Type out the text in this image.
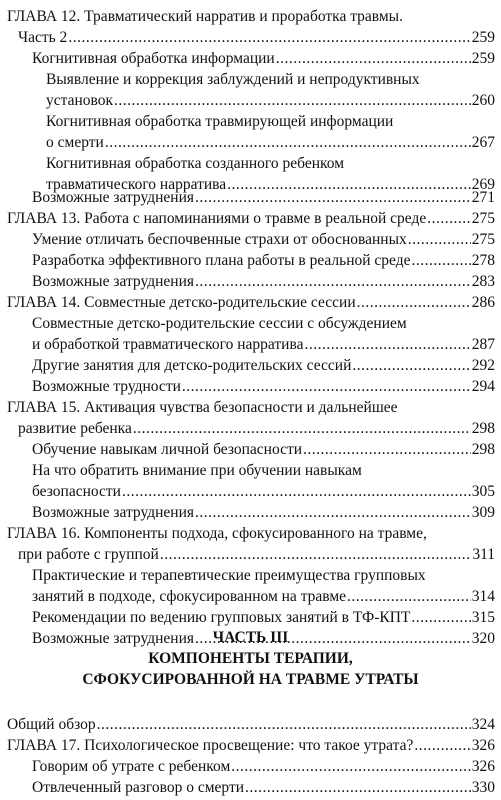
ГЛАВА 12. Травматический нарратив и проработка травмы.
Часть 2 .....	259
Когнитивная обработка информации .....	259
Выявление и коррекция заблуждений и непродуктивных
установок .....	260
Когнитивная обработка травмирующей информации
о смерти .....	267
Когнитивная обработка созданного ребенком
травматического нарратива .....	269
Возможные затруднения .....	271
ГЛАВА 13. Работа с напоминаниями о травме в реальной среде .....	275
Умение отличать беспочвенные страхи от обоснованных .....	275
Разработка эффективного плана работы в реальной среде .....	278
Возможные затруднения .....	283
ГЛАВА 14. Совместные детско-родительские сессии .....	286
Совместные детско-родительские сессии с обсуждением
и обработкой травматического нарратива .....	287
Другие занятия для детско-родительских сессий .....	292
Возможные трудности .....	294
ГЛАВА 15. Активация чувства безопасности и дальнейшее
развитие ребенка .....	298
Обучение навыкам личной безопасности .....	298
На что обратить внимание при обучении навыкам
безопасности .....	305
Возможные затруднения .....	309
ГЛАВА 16. Компоненты подхода, сфокусированного на травме,
при работе с группой .....	311
Практические и терапевтические преимущества групповых
занятий в подходе, сфокусированном на травме .....	314
Рекомендации по ведению групповых занятий в ТФ-КПТ .....	315
Возможные затруднения .....	320
Общий обзор .....	324
ГЛАВА 17. Психологическое просвещение: что такое утрата? .....	326
Говорим об утрате с ребенком .....	326
Отвлеченный разговор о смерти .....	330
ЧАСТЬ III
КОМПОНЕНТЫ ТЕРАПИИ,
СФОКУСИРОВАННОЙ НА ТРАВМЕ УТРАТЫ
